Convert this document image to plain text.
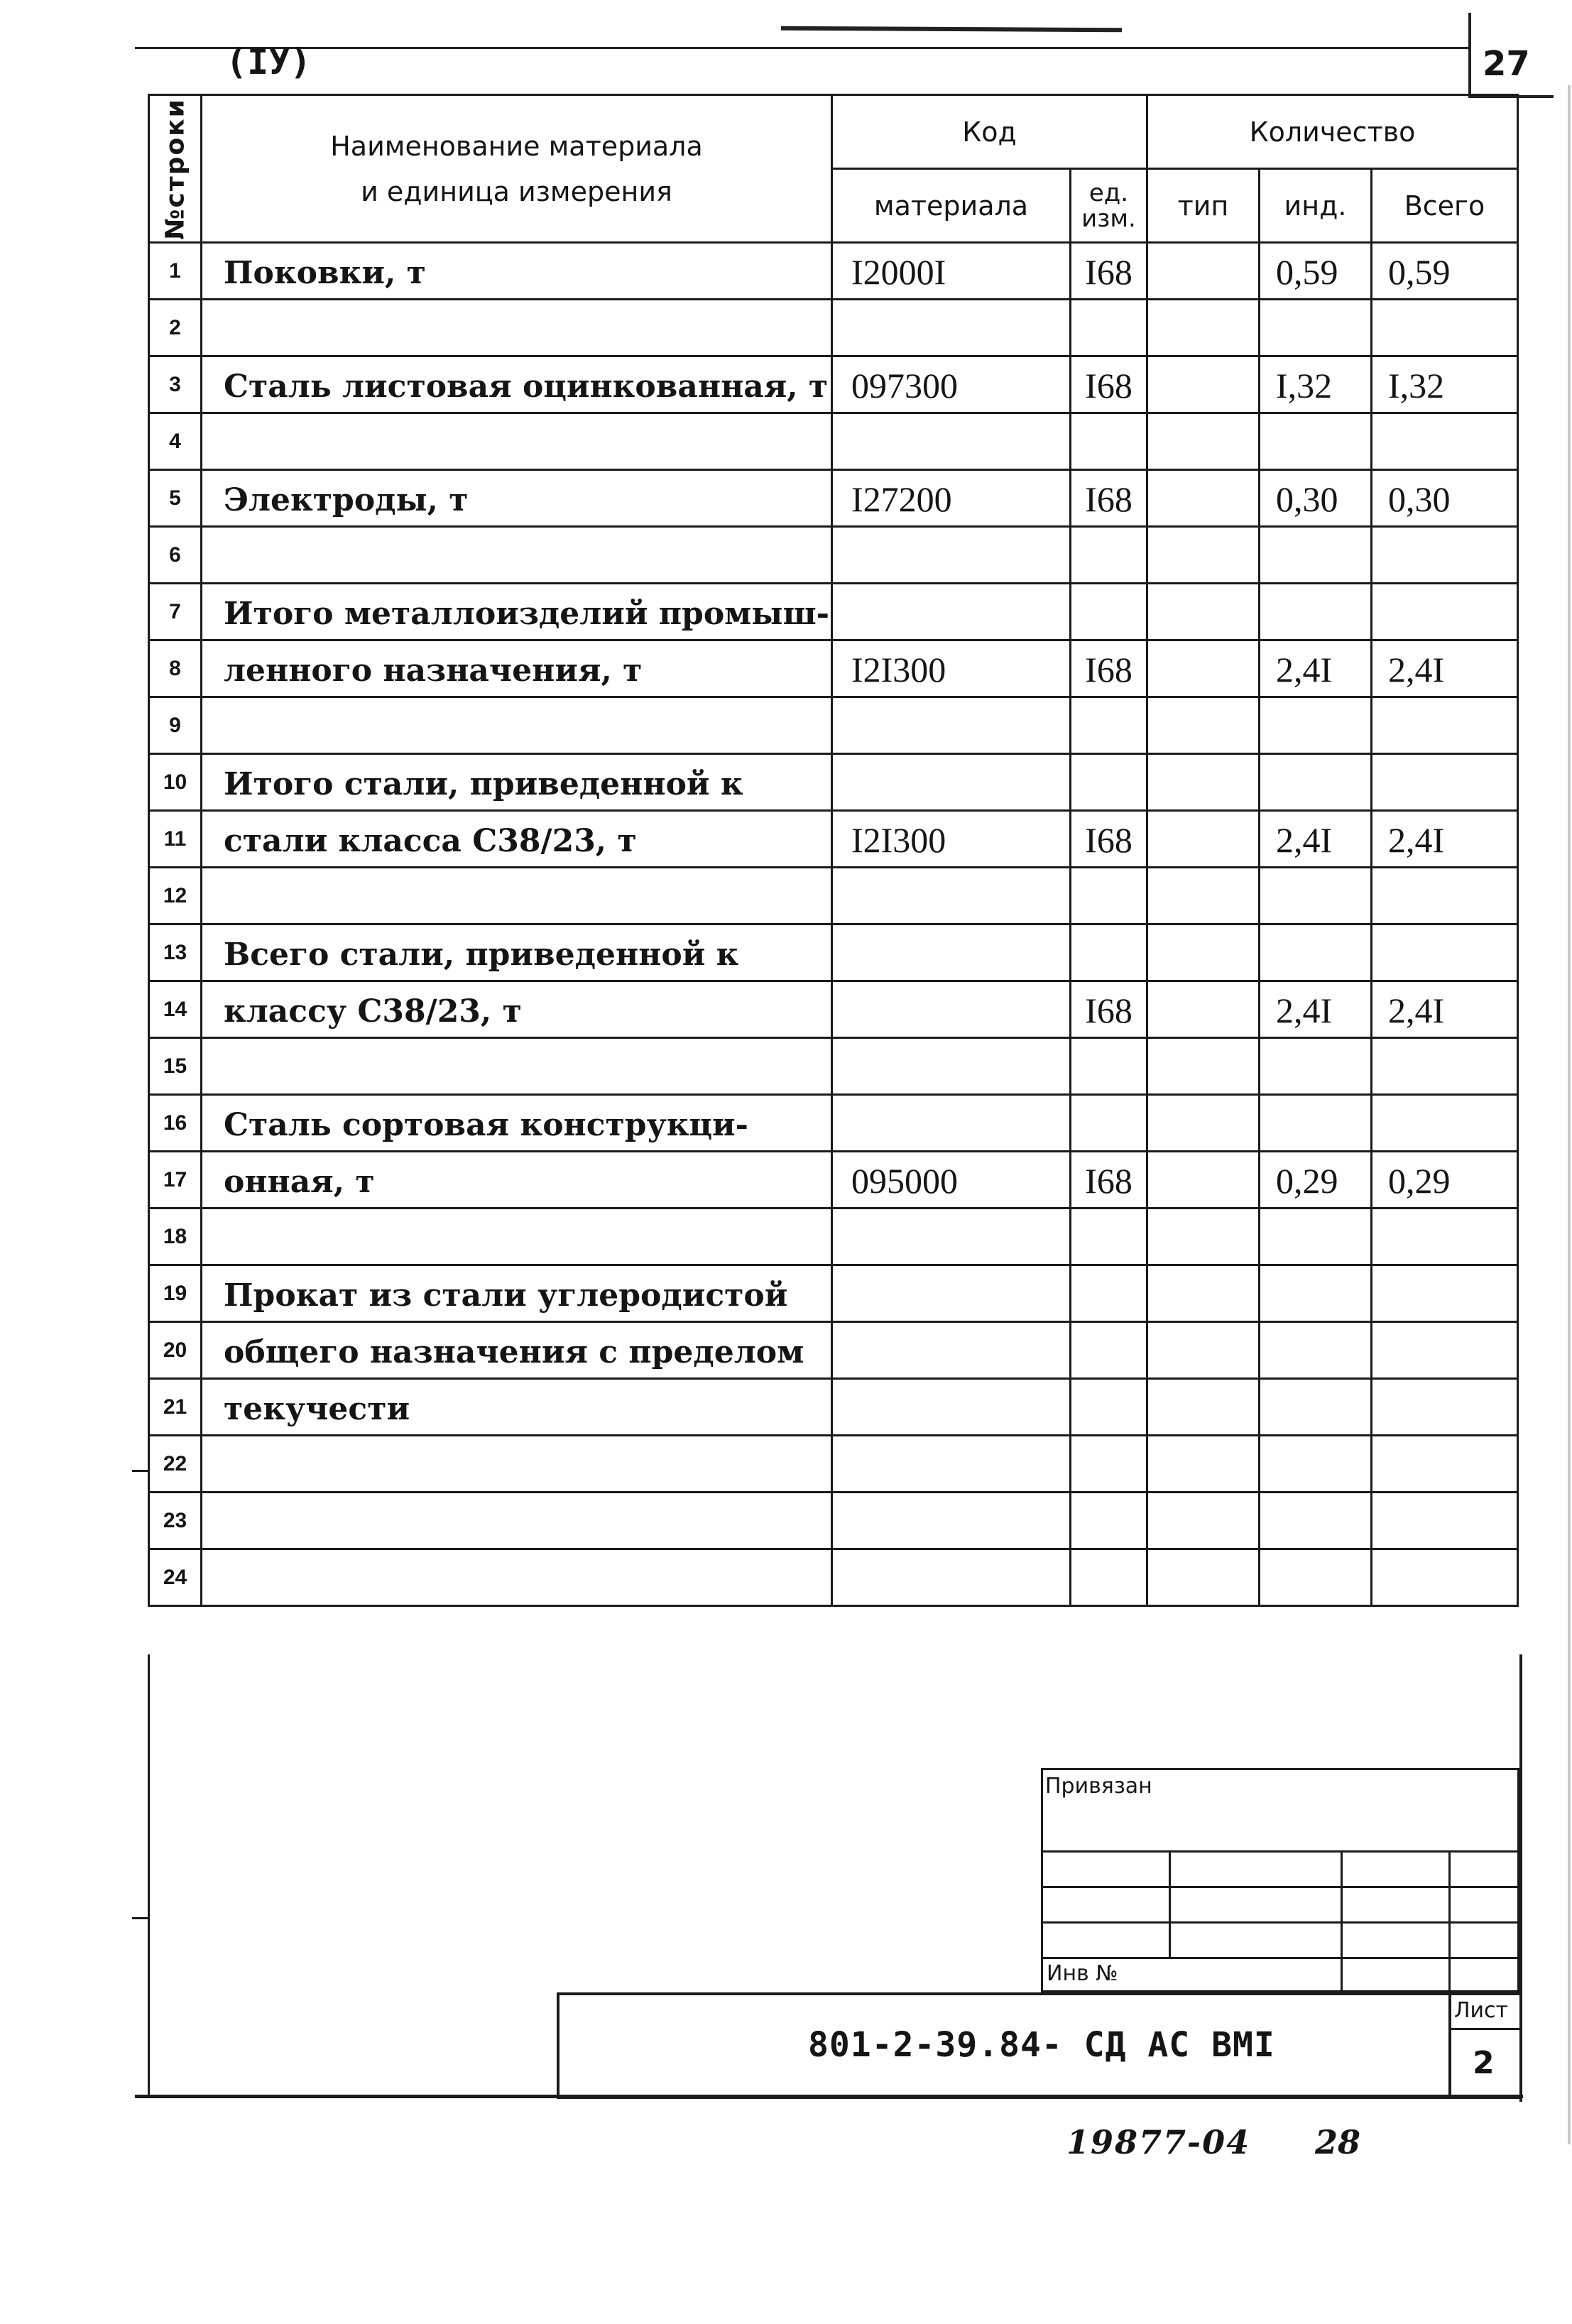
(IУ)	27
№строки	Наименование материала
и единица измерения	Код		Количество		
		материала	ед. изм.	тип	инд.	Всего
1	Поковки, т	I2000I	I68		0,59	0,59
2						
3	Сталь листовая оцинкованная, т	097300	I68		I,32	I,32
4						
5	Электроды, т	I27200	I68		0,30	0,30
6						
7	Итого металлоизделий промыш-					
8	ленного назначения, т	I2I300	I68		2,4I	2,4I
9						
10	Итого стали, приведенной к					
11	стали класса С38/23, т	I2I300	I68		2,4I	2,4I
12						
13	Всего стали, приведенной к					
14	классу С38/23, т		I68		2,4I	2,4I
15						
16	Сталь сортовая конструкци-					
17	онная, т	095000	I68		0,29	0,29
18						
19	Прокат из стали углеродистой					
20	общего назначения с пределом					
21	текучести					
22						
23						
24						
Привязан
Инв №
801-2-39.84- СД АС ВМI
Лист
2
19877-04 28
